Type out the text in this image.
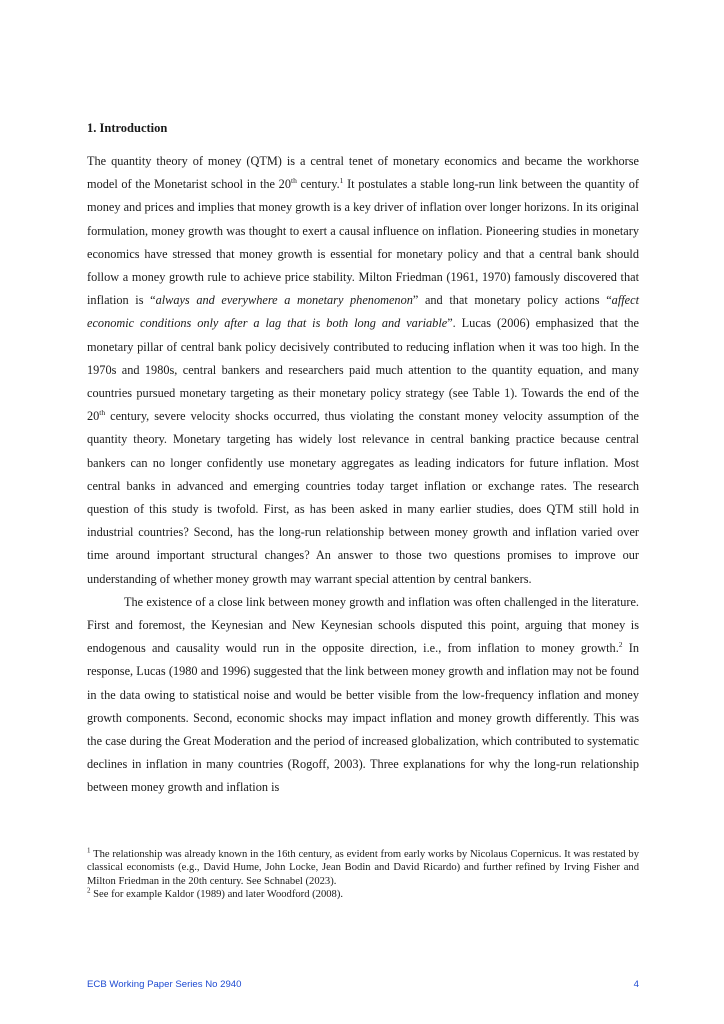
1. Introduction

The quantity theory of money (QTM) is a central tenet of monetary economics and became the workhorse model of the Monetarist school in the 20th century.$^1$ It postulates a stable long-run link between the quantity of money and prices and implies that money growth is a key driver of inflation over longer horizons. In its original formulation, money growth was thought to exert a causal influence on inflation. Pioneering studies in monetary economics have stressed that money growth is essential for monetary policy and that a central bank should follow a money growth rule to achieve price stability. Milton Friedman (1961, 1970) famously discovered that inflation is “always and everywhere a monetary phenomenon” and that monetary policy actions “affect economic conditions only after a lag that is both long and variable”. Lucas (2006) emphasized that the monetary pillar of central bank policy decisively contributed to reducing inflation when it was too high. In the 1970s and 1980s, central bankers and researchers paid much attention to the quantity equation, and many countries pursued monetary targeting as their monetary policy strategy (see Table 1). Towards the end of the 20th century, severe velocity shocks occurred, thus violating the constant money velocity assumption of the quantity theory. Monetary targeting has widely lost relevance in central banking practice because central bankers can no longer confidently use monetary aggregates as leading indicators for future inflation. Most central banks in advanced and emerging countries today target inflation or exchange rates. The research question of this study is twofold. First, as has been asked in many earlier studies, does QTM still hold in industrial countries? Second, has the long-run relationship between money growth and inflation varied over time around important structural changes? An answer to those two questions promises to improve our understanding of whether money growth may warrant special attention by central bankers.

The existence of a close link between money growth and inflation was often challenged in the literature. First and foremost, the Keynesian and New Keynesian schools disputed this point, arguing that money is endogenous and causality would run in the opposite direction, i.e., from inflation to money growth.$^2$ In response, Lucas (1980 and 1996) suggested that the link between money growth and inflation may not be found in the data owing to statistical noise and would be better visible from the low-frequency inflation and money growth components. Second, economic shocks may impact inflation and money growth differently. This was the case during the Great Moderation and the period of increased globalization, which contributed to systematic declines in inflation in many countries (Rogoff, 2003). Three explanations for why the long-run relationship between money growth and inflation is

$^1$ The relationship was already known in the 16th century, as evident from early works by Nicolaus Copernicus. It was restated by classical economists (e.g., David Hume, John Locke, Jean Bodin and David Ricardo) and further refined by Irving Fisher and Milton Friedman in the 20th century. See Schnabel (2023).

$^2$ See for example Kaldor (1989) and later Woodford (2008).

ECB Working Paper Series No 2940	4
